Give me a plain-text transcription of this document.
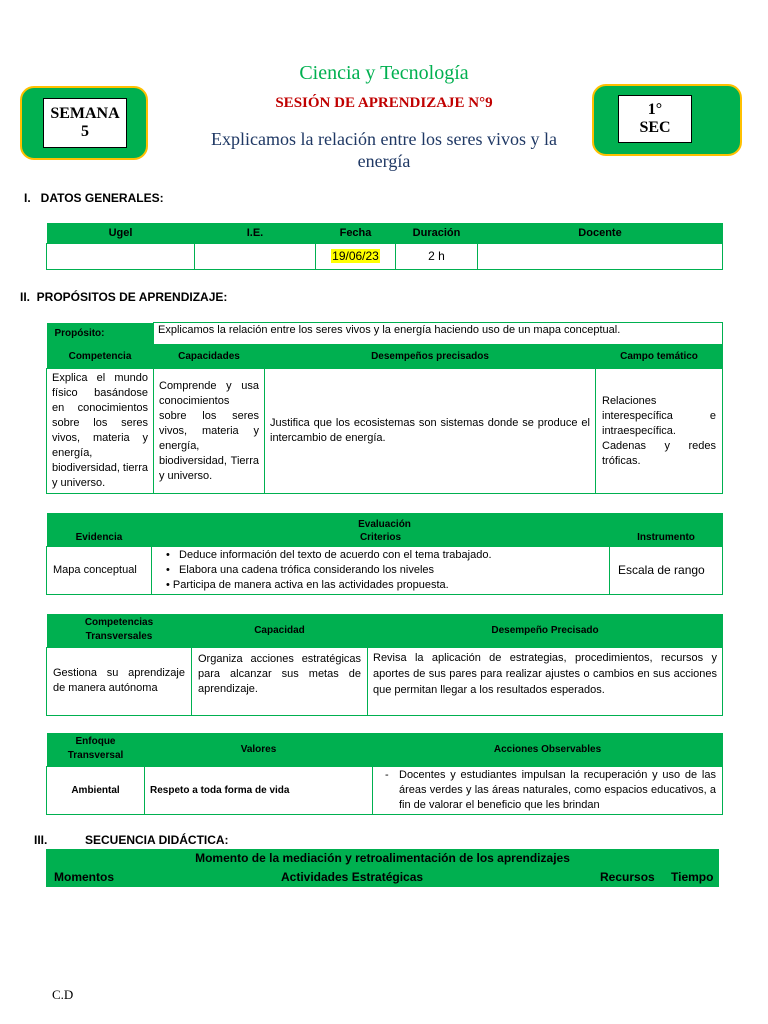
SEMANA
5
Ciencia y Tecnología
SESIÓN DE APRENDIZAJE N°9
Explicamos la relación entre los seres vivos y la
energía
1°
SEC
I.   DATOS GENERALES:
Ugel	I.E.	Fecha	Duración	Docente
		19/06/23	2 h	
II.  PROPÓSITOS DE APRENDIZAJE:
Propósito:	Explicamos la relación entre los seres vivos y la energía haciendo uso de un mapa conceptual.		
Competencia	Capacidades	Desempeños precisados	Campo temático
Explica el mundo físico basándose en conocimientos sobre los seres vivos, materia y energía, biodiversidad, tierra y universo.	Comprende y usa conocimientos sobre los seres vivos, materia y energía, biodiversidad, Tierra y universo.	Justifica que los ecosistemas son sistemas donde se produce el intercambio de energía.	Relaciones interespecífica e intraespecífica. Cadenas y redes tróficas.
Evaluación		
Evidencia	Criterios	Instrumento
Mapa conceptual	• Deduce información del texto de acuerdo con el tema trabajado.
• Elabora una cadena trófica considerando los niveles
• Participa de manera activa en las actividades propuesta.	Escala de rango
Competencias Transversales	Capacidad	Desempeño Precisado
Gestiona su aprendizaje de manera autónoma	Organiza acciones estratégicas para alcanzar sus metas de aprendizaje.	Revisa la aplicación de estrategias, procedimientos, recursos y aportes de sus pares para realizar ajustes o cambios en sus acciones que permitan llegar a los resultados esperados.
Enfoque Transversal	Valores	Acciones Observables
Ambiental	Respeto a toda forma de vida	- Docentes y estudiantes impulsan la recuperación y uso de las áreas verdes y las áreas naturales, como espacios educativos, a fin de valorar el beneficio que les brindan
III.	SECUENCIA DIDÁCTICA:
Momento de la mediación y retroalimentación de los aprendizajes
Momentos	Actividades Estratégicas	Recursos Tiempo
C.D
